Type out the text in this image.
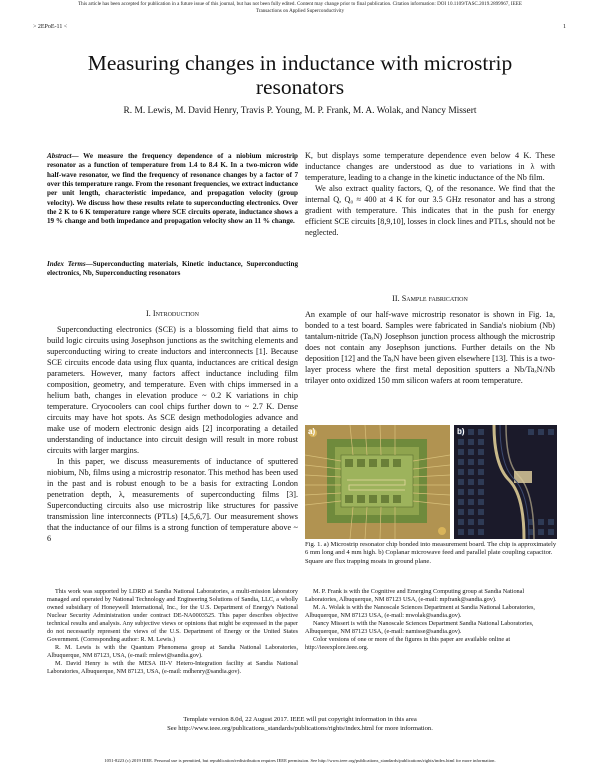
This article has been accepted for publication in a future issue of this journal, but has not been fully edited. Content may change prior to final publication. Citation information: DOI 10.1109/TASC.2019.2899967, IEEE
Transactions on Applied Superconductivity
> 2EPoE-11 <	1
Measuring changes in inductance with microstrip
resonators
R. M. Lewis, M. David Henry, Travis P. Young, M. P. Frank, M. A. Wolak, and Nancy Missert
Abstract— We measure the frequency dependence of a niobium microstrip resonator as a function of temperature from 1.4 to 8.4 K. In a two-micron wide half-wave resonator, we find the frequency of resonance changes by a factor of 7 over this temperature range. From the resonant frequencies, we extract inductance per unit length, characteristic impedance, and propagation velocity (group velocity). We discuss how these results relate to superconducting electronics. Over the 2 K to 6 K temperature range where SCE circuits operate, inductance shows a 19 % change and both impedance and propagation velocity show an 11 % change.
Index Terms—Superconducting materials, Kinetic inductance, Superconducting electronics, Nb, Superconducting resonators
I. Introduction

Superconducting electronics (SCE) is a blossoming field that aims to build logic circuits using Josephson junctions as the switching elements and superconducting wiring to create inductors and interconnects [1]. Because SCE circuits encode data using flux quanta, inductances are critical design parameters. However, many factors affect inductance including film composition, geometry, and temperature. Even with chips immersed in a helium bath, changes in elevation produce ~ 0.2 K variations in chip temperature. Cryocoolers can cool chips further down to ~ 2.7 K. Dense circuits may have hot spots. As SCE design methodologies advance and make use of modern electronic design aids [2] incorporating a detailed understanding of inductance into circuit design will result in more robust circuits with larger margins.

In this paper, we discuss measurements of inductance of sputtered niobium, Nb, films using a microstrip resonator. This method has been used in the past and is robust enough to be a basis for extracting London penetration depth, λ, measurements of superconducting films [3]. Superconducting circuits also use microstrip like structures for passive transmission line interconnects (PTLs) [4,5,6,7]. Our measurement shows that the inductance of our films is a strong function of temperature above ~ 6

K, but displays some temperature dependence even below 4 K. These inductance changes are understood as due to variations in λ with temperature, leading to a change in the kinetic inductance of the Nb film.

We also extract quality factors, Q, of the resonance. We find that the internal Q, Q₀ ≈ 400 at 4 K for our 3.5 GHz resonator and has a strong gradient with temperature. This indicates that in the push for energy efficient SCE circuits [8,9,10], losses in clock lines and PTLs, should not be neglected.

II. Sample fabrication

An example of our half-wave microstrip resonator is shown in Fig. 1a, bonded to a test board. Samples were fabricated in Sandia's niobium (Nb) tantalum-nitride (TaₓN) Josephson junction process although the microstrip does not contain any Josephson junctions. Further details on the Nb deposition [12] and the TaₓN have been given elsewhere [13]. This is a two-layer process where the first metal deposition sputters a Nb/TaₓN/Nb trilayer onto oxidized 150 mm silicon wafers at room temperature.

a)	b)
Fig. 1. a) Microstrip resonator chip bonded into measurement board. The chip is approximately 6 mm long and 4 mm high. b) Coplanar microwave feed and parallel plate coupling capacitor. Square are flux trapping moats in ground plane.

This work was supported by LDRD at Sandia National Laboratories, a multi-mission laboratory managed and operated by National Technology and Engineering Solutions of Sandia, LLC, a wholly owned subsidiary of Honeywell International, Inc., for the U.S. Department of Energy's National Nuclear Security Administration under contract DE-NA0003525. This paper describes objective technical results and analysis. Any subjective views or opinions that might be expressed in the paper do not necessarily represent the views of the U.S. Department of Energy or the United States Government. (Corresponding author: R. M. Lewis.)

R. M. Lewis is with the Quantum Phenomena group at Sandia National Laboratories, Albuquerque, NM 87123, USA, (e-mail: rmlewi@sandia.gov).

M. David Henry is with the MESA III-V Hetero-Integration facility at Sandia National Laboratories, Albuquerque, NM 87123, USA, (e-mail: mdhenry@sandia.gov).

M. P. Frank is with the Cognitive and Emerging Computing group at Sandia National Laboratories, Albuquerque, NM 87123 USA, (e-mail: mpfrank@sandia.gov).

M. A. Wolak is with the Nanoscale Sciences Department at Sandia National Laboratories, Albuquerque, NM 87123 USA, (e-mail: mwolak@sandia.gov).

Nancy Missert is with the Nanoscale Sciences Department Sandia National Laboratories, Albuquerque, NM 87123 USA, (e-mail: namisse@sandia.gov).

Color versions of one or more of the figures in this paper are available online at http://ieeexplore.ieee.org.

Template version 8.0d, 22 August 2017. IEEE will put copyright information in this area
See http://www.ieee.org/publications_standards/publications/rights/index.html for more information.
1051-8223 (c) 2019 IEEE. Personal use is permitted, but republication/redistribution requires IEEE permission. See http://www.ieee.org/publications_standards/publications/rights/index.html for more information.
